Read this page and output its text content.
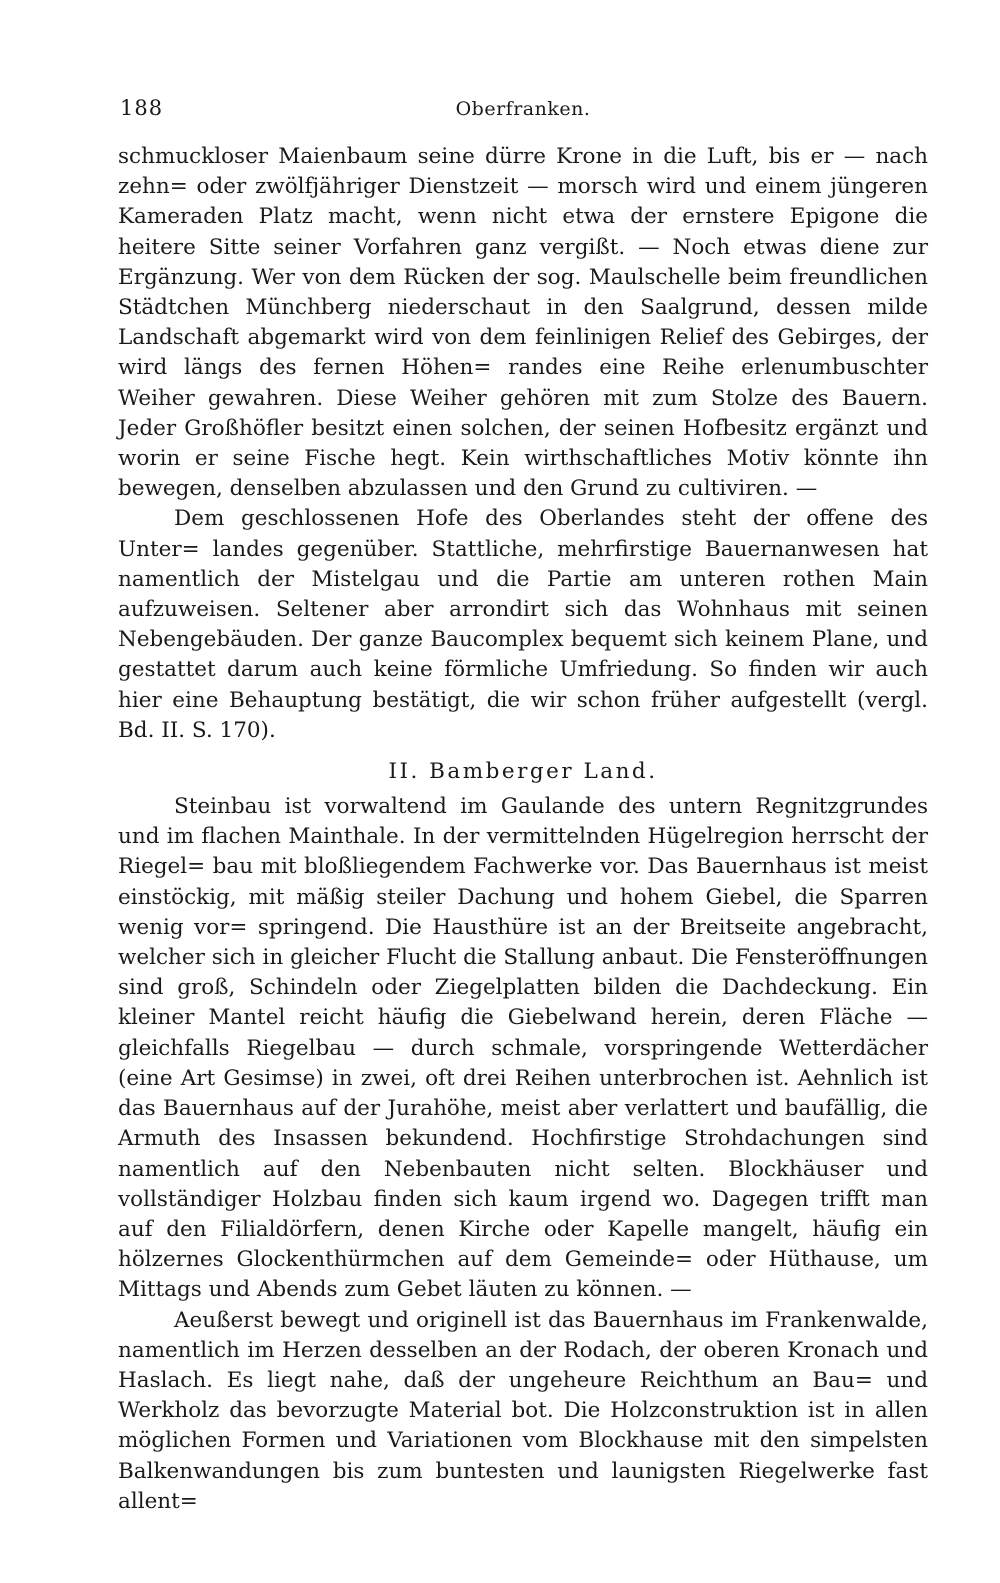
188	Oberfranken.

schmuckloser Maienbaum seine dürre Krone in die Luft, bis er — nach zehn= oder zwölfjähriger Dienstzeit — morsch wird und einem jüngeren Kameraden Platz macht, wenn nicht etwa der ernstere Epigone die heitere Sitte seiner Vorfahren ganz vergißt. — Noch etwas diene zur Ergänzung. Wer von dem Rücken der sog. Maulschelle beim freundlichen Städtchen Münchberg niederschaut in den Saalgrund, dessen milde Landschaft abgemarkt wird von dem feinlinigen Relief des Gebirges, der wird längs des fernen Höhen= randes eine Reihe erlenumbuschter Weiher gewahren. Diese Weiher gehören mit zum Stolze des Bauern. Jeder Großhöfler besitzt einen solchen, der seinen Hofbesitz ergänzt und worin er seine Fische hegt. Kein wirthschaftliches Motiv könnte ihn bewegen, denselben abzulassen und den Grund zu cultiviren. —

Dem geschlossenen Hofe des Oberlandes steht der offene des Unter= landes gegenüber. Stattliche, mehrfirstige Bauernanwesen hat namentlich der Mistelgau und die Partie am unteren rothen Main aufzuweisen. Seltener aber arrondirt sich das Wohnhaus mit seinen Nebengebäuden. Der ganze Baucomplex bequemt sich keinem Plane, und gestattet darum auch keine förmliche Umfriedung. So finden wir auch hier eine Behauptung bestätigt, die wir schon früher aufgestellt (vergl. Bd. II. S. 170).

II. Bamberger Land.

Steinbau ist vorwaltend im Gaulande des untern Regnitzgrundes und im flachen Mainthale. In der vermittelnden Hügelregion herrscht der Riegel= bau mit bloßliegendem Fachwerke vor. Das Bauernhaus ist meist einstöckig, mit mäßig steiler Dachung und hohem Giebel, die Sparren wenig vor= springend. Die Hausthüre ist an der Breitseite angebracht, welcher sich in gleicher Flucht die Stallung anbaut. Die Fensteröffnungen sind groß, Schindeln oder Ziegelplatten bilden die Dachdeckung. Ein kleiner Mantel reicht häufig die Giebelwand herein, deren Fläche — gleichfalls Riegelbau — durch schmale, vorspringende Wetterdächer (eine Art Gesimse) in zwei, oft drei Reihen unterbrochen ist. Aehnlich ist das Bauernhaus auf der Jurahöhe, meist aber verlattert und baufällig, die Armuth des Insassen bekundend. Hochfirstige Strohdachungen sind namentlich auf den Nebenbauten nicht selten. Blockhäuser und vollständiger Holzbau finden sich kaum irgend wo. Dagegen trifft man auf den Filialdörfern, denen Kirche oder Kapelle mangelt, häufig ein hölzernes Glockenthürmchen auf dem Gemeinde= oder Hüthause, um Mittags und Abends zum Gebet läuten zu können. —

Aeußerst bewegt und originell ist das Bauernhaus im Frankenwalde, namentlich im Herzen desselben an der Rodach, der oberen Kronach und Haslach. Es liegt nahe, daß der ungeheure Reichthum an Bau= und Werkholz das bevorzugte Material bot. Die Holzconstruktion ist in allen möglichen Formen und Variationen vom Blockhause mit den simpelsten Balkenwandungen bis zum buntesten und launigsten Riegelwerke fast allent=
